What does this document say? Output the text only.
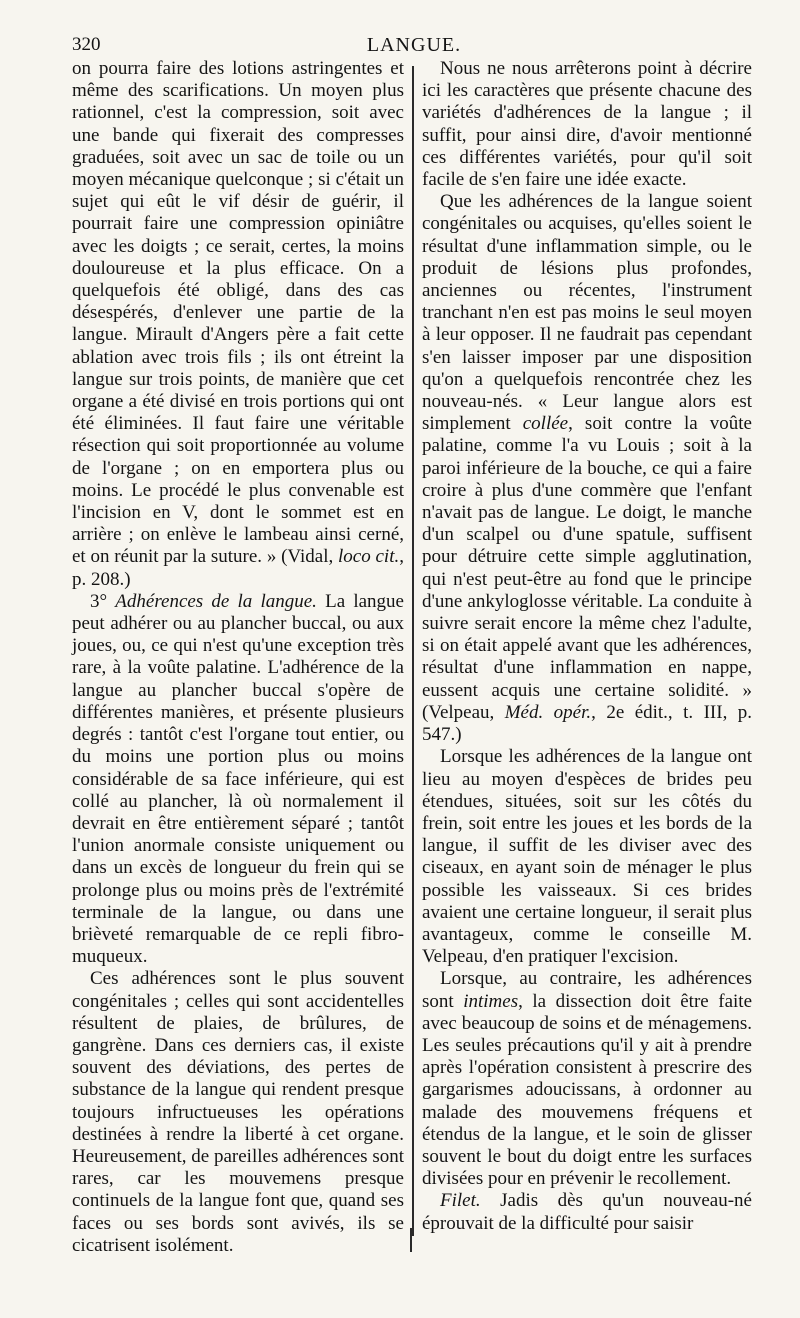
320	LANGUE.

on pourra faire des lotions astringentes et même des scarifications. Un moyen plus rationnel, c'est la compression, soit avec une bande qui fixerait des compresses graduées, soit avec un sac de toile ou un moyen mécanique quelconque ; si c'était un sujet qui eût le vif désir de guérir, il pourrait faire une compression opiniâtre avec les doigts ; ce serait, certes, la moins douloureuse et la plus efficace. On a quelquefois été obligé, dans des cas désespérés, d'enlever une partie de la langue. Mirault d'Angers père a fait cette ablation avec trois fils ; ils ont étreint la langue sur trois points, de manière que cet organe a été divisé en trois portions qui ont été éliminées. Il faut faire une véritable résection qui soit proportionnée au volume de l'organe ; on en emportera plus ou moins. Le procédé le plus convenable est l'incision en V, dont le sommet est en arrière ; on enlève le lambeau ainsi cerné, et on réunit par la suture. » (Vidal, loco cit., p. 208.)

3° Adhérences de la langue. La langue peut adhérer ou au plancher buccal, ou aux joues, ou, ce qui n'est qu'une exception très rare, à la voûte palatine. L'adhérence de la langue au plancher buccal s'opère de différentes manières, et présente plusieurs degrés : tantôt c'est l'organe tout entier, ou du moins une portion plus ou moins considérable de sa face inférieure, qui est collé au plancher, là où normalement il devrait en être entièrement séparé ; tantôt l'union anormale consiste uniquement ou dans un excès de longueur du frein qui se prolonge plus ou moins près de l'extrémité terminale de la langue, ou dans une brièveté remarquable de ce repli fibro-muqueux.

Ces adhérences sont le plus souvent congénitales ; celles qui sont accidentelles résultent de plaies, de brûlures, de gangrène. Dans ces derniers cas, il existe souvent des déviations, des pertes de substance de la langue qui rendent presque toujours infructueuses les opérations destinées à rendre la liberté à cet organe. Heureusement, de pareilles adhérences sont rares, car les mouvemens presque continuels de la langue font que, quand ses faces ou ses bords sont avivés, ils se cicatrisent isolément.

Nous ne nous arrêterons point à décrire ici les caractères que présente chacune des variétés d'adhérences de la langue ; il suffit, pour ainsi dire, d'avoir mentionné ces différentes variétés, pour qu'il soit facile de s'en faire une idée exacte.

Que les adhérences de la langue soient congénitales ou acquises, qu'elles soient le résultat d'une inflammation simple, ou le produit de lésions plus profondes, anciennes ou récentes, l'instrument tranchant n'en est pas moins le seul moyen à leur opposer. Il ne faudrait pas cependant s'en laisser imposer par une disposition qu'on a quelquefois rencontrée chez les nouveau-nés. « Leur langue alors est simplement collée, soit contre la voûte palatine, comme l'a vu Louis ; soit à la paroi inférieure de la bouche, ce qui a faire croire à plus d'une commère que l'enfant n'avait pas de langue. Le doigt, le manche d'un scalpel ou d'une spatule, suffisent pour détruire cette simple agglutination, qui n'est peut-être au fond que le principe d'une ankyloglosse véritable. La conduite à suivre serait encore la même chez l'adulte, si on était appelé avant que les adhérences, résultat d'une inflammation en nappe, eussent acquis une certaine solidité. » (Velpeau, Méd. opér., 2e édit., t. III, p. 547.)

Lorsque les adhérences de la langue ont lieu au moyen d'espèces de brides peu étendues, situées, soit sur les côtés du frein, soit entre les joues et les bords de la langue, il suffit de les diviser avec des ciseaux, en ayant soin de ménager le plus possible les vaisseaux. Si ces brides avaient une certaine longueur, il serait plus avantageux, comme le conseille M. Velpeau, d'en pratiquer l'excision.

Lorsque, au contraire, les adhérences sont intimes, la dissection doit être faite avec beaucoup de soins et de ménagemens. Les seules précautions qu'il y ait à prendre après l'opération consistent à prescrire des gargarismes adoucissans, à ordonner au malade des mouvemens fréquens et étendus de la langue, et le soin de glisser souvent le bout du doigt entre les surfaces divisées pour en prévenir le recollement.

Filet. Jadis dès qu'un nouveau-né éprouvait de la difficulté pour saisir
